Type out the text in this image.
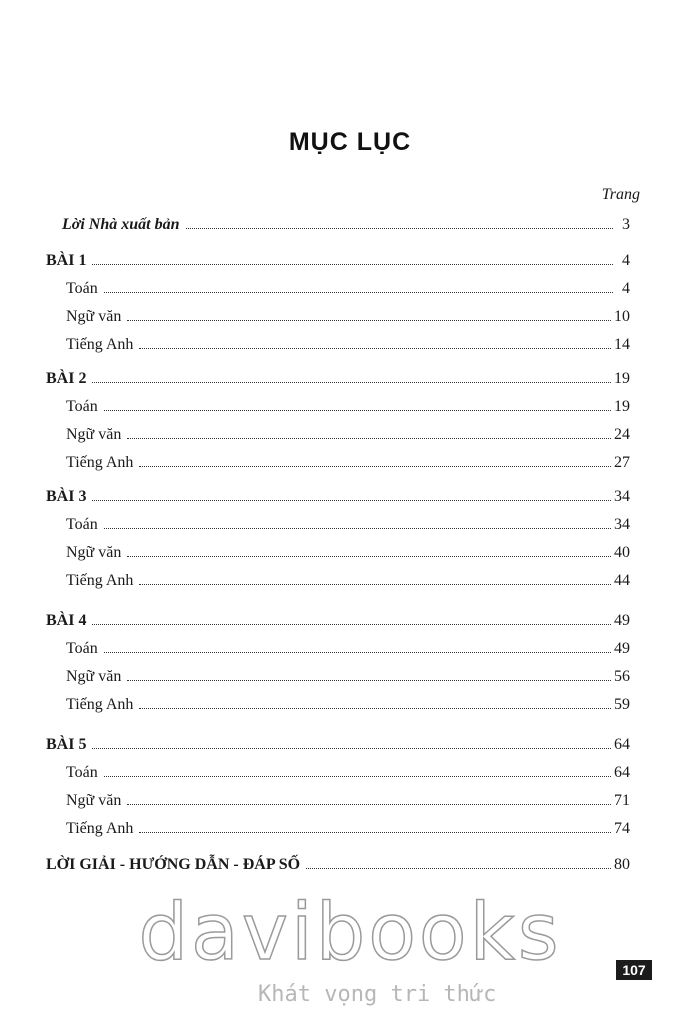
MỤC LỤC
Trang
Lời Nhà xuất bản	3
BÀI 1	4
Toán	4
Ngữ văn	10
Tiếng Anh	14
BÀI 2	19
Toán	19
Ngữ văn	24
Tiếng Anh	27
BÀI 3	34
Toán	34
Ngữ văn	40
Tiếng Anh	44
BÀI 4	49
Toán	49
Ngữ văn	56
Tiếng Anh	59
BÀI 5	64
Toán	64
Ngữ văn	71
Tiếng Anh	74
LỜI GIẢI - HƯỚNG DẪN - ĐÁP SỐ	80
davibooks
Khát vọng tri thức
107
